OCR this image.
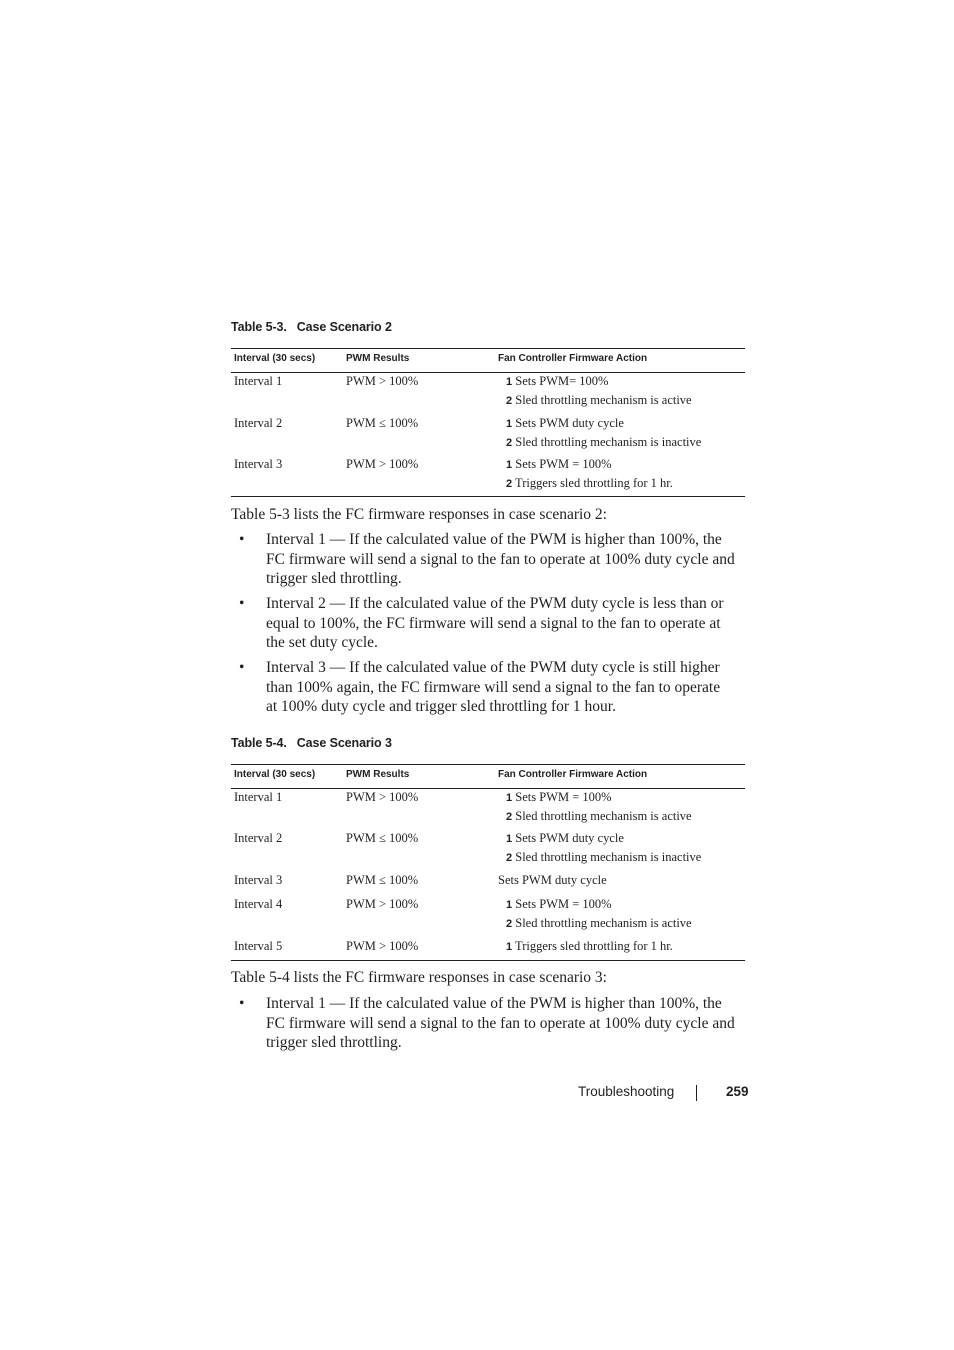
Table 5-3. Case Scenario 2
Interval (30 secs)	PWM Results	Fan Controller Firmware Action
Interval 1	PWM > 100%	1 Sets PWM= 100%
2 Sled throttling mechanism is active
Interval 2	PWM ≤ 100%	1 Sets PWM duty cycle
2 Sled throttling mechanism is inactive
Interval 3	PWM > 100%	1 Sets PWM = 100%
2 Triggers sled throttling for 1 hr.
Table 5-3 lists the FC firmware responses in case scenario 2:
• Interval 1 — If the calculated value of the PWM is higher than 100%, the
FC firmware will send a signal to the fan to operate at 100% duty cycle and
trigger sled throttling.
• Interval 2 — If the calculated value of the PWM duty cycle is less than or
equal to 100%, the FC firmware will send a signal to the fan to operate at
the set duty cycle.
• Interval 3 — If the calculated value of the PWM duty cycle is still higher
than 100% again, the FC firmware will send a signal to the fan to operate
at 100% duty cycle and trigger sled throttling for 1 hour.
Table 5-4. Case Scenario 3
Interval (30 secs)	PWM Results	Fan Controller Firmware Action
Interval 1	PWM > 100%	1 Sets PWM = 100%
2 Sled throttling mechanism is active
Interval 2	PWM ≤ 100%	1 Sets PWM duty cycle
2 Sled throttling mechanism is inactive
Interval 3	PWM ≤ 100%	Sets PWM duty cycle
Interval 4	PWM > 100%	1 Sets PWM = 100%
2 Sled throttling mechanism is active
Interval 5	PWM > 100%	1 Triggers sled throttling for 1 hr.
Table 5-4 lists the FC firmware responses in case scenario 3:
• Interval 1 — If the calculated value of the PWM is higher than 100%, the
FC firmware will send a signal to the fan to operate at 100% duty cycle and
trigger sled throttling.
Troubleshooting	259
